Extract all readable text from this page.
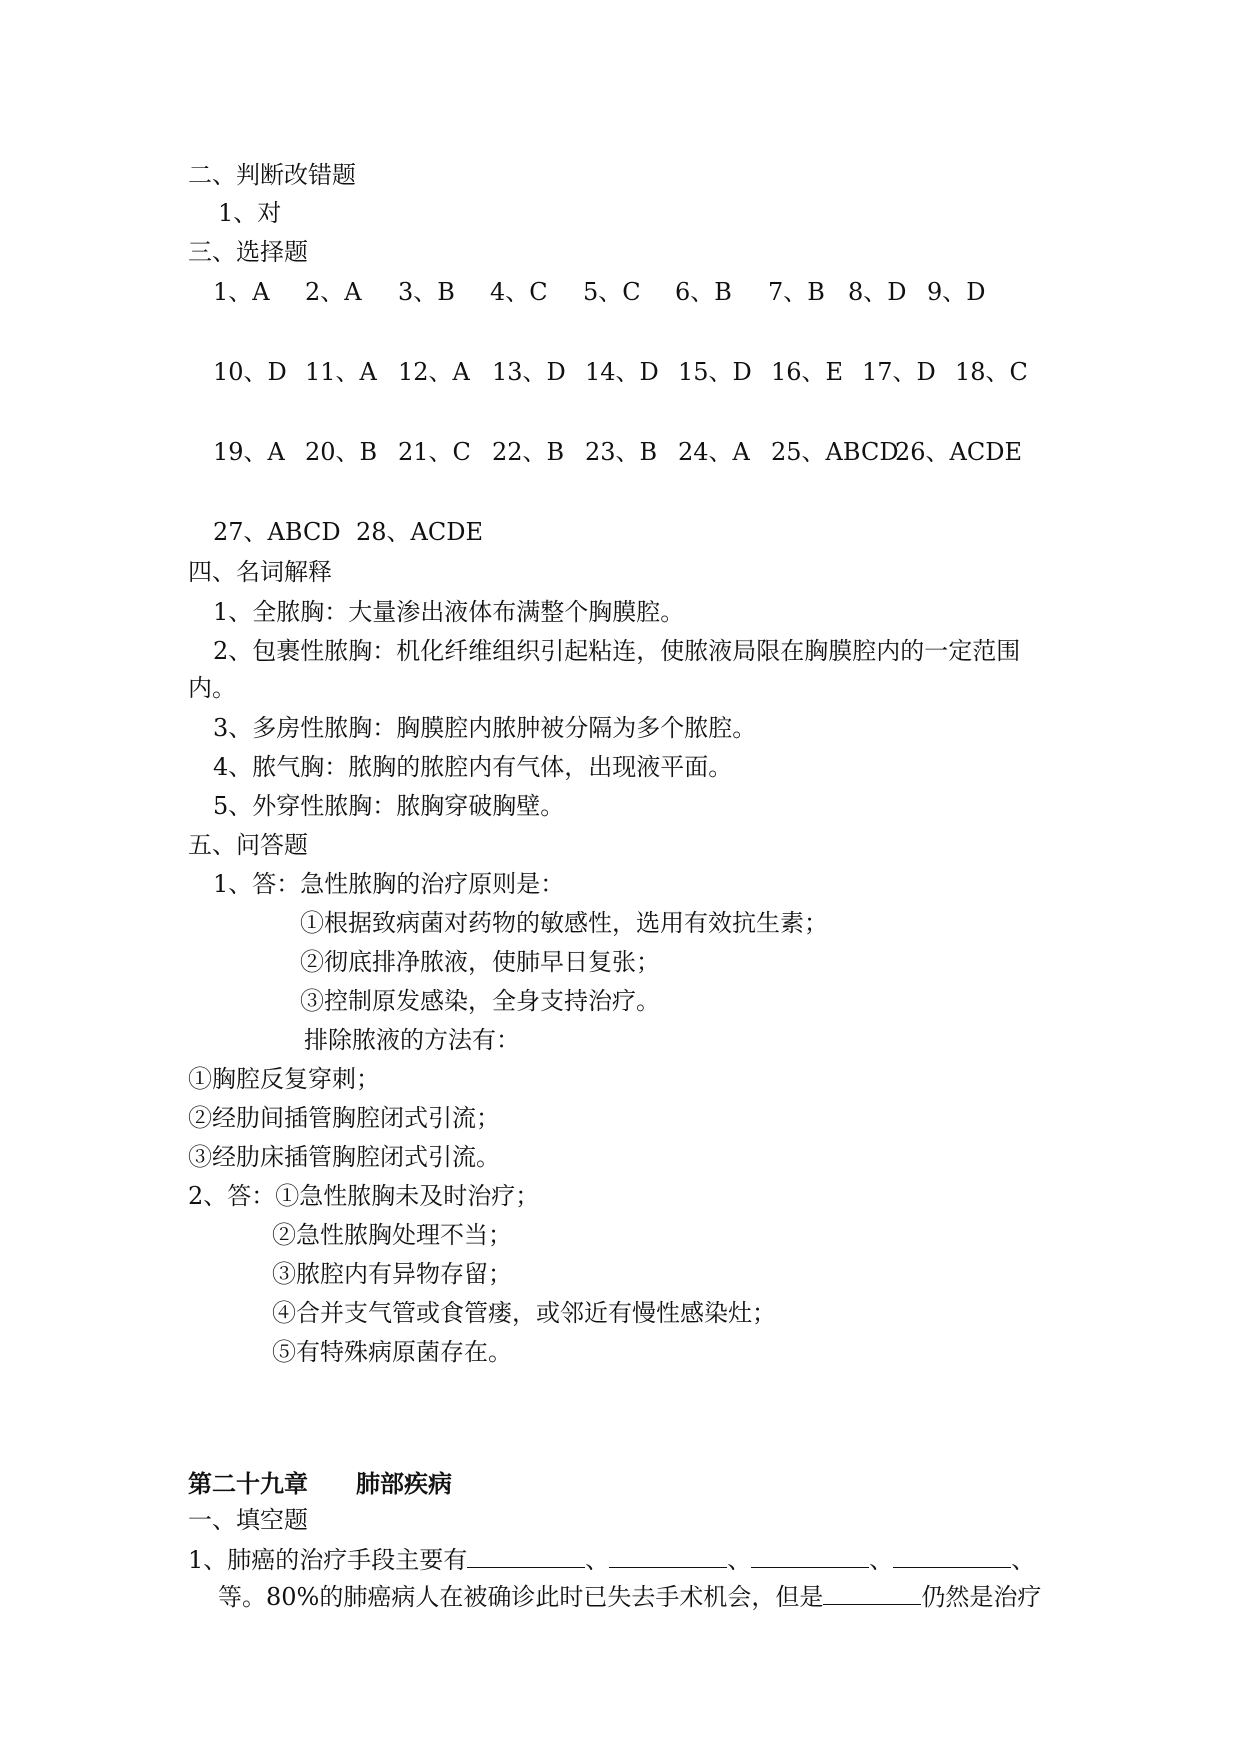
二、判断改错题
1、对
三、选择题
1、A 2、A 3、B 4、C 5、C 6、B 7、B 8、D 9、D
10、D 11、A 12、A 13、D 14、D 15、D 16、E 17、D 18、C
19、A 20、B 21、C 22、B 23、B 24、A 25、ABCD
26、ACDE
27、ABCD 28、ACDE
四、名词解释
1、全脓胸：大量渗出液体布满整个胸膜腔。
2、包裹性脓胸：机化纤维组织引起粘连，使脓液局限在胸膜腔内的一定范围
内。
3、多房性脓胸：胸膜腔内脓肿被分隔为多个脓腔。
4、脓气胸：脓胸的脓腔内有气体，出现液平面。
5、外穿性脓胸：脓胸穿破胸壁。
五、问答题
1、答：急性脓胸的治疗原则是：
①根据致病菌对药物的敏感性，选用有效抗生素；
②彻底排净脓液，使肺早日复张；
③控制原发感染，全身支持治疗。
排除脓液的方法有：
①胸腔反复穿刺；
②经肋间插管胸腔闭式引流；
③经肋床插管胸腔闭式引流。
2、答：①急性脓胸未及时治疗；
②急性脓胸处理不当；
③脓腔内有异物存留；
④合并支气管或食管瘘，或邻近有慢性感染灶；
⑤有特殊病原菌存在。
第二十九章　　肺部疾病
一、填空题
1、肺癌的治疗手段主要有	、	、	、	、
等。80%的肺癌病人在被确诊此时已失去手术机会，但是	仍然是治疗
